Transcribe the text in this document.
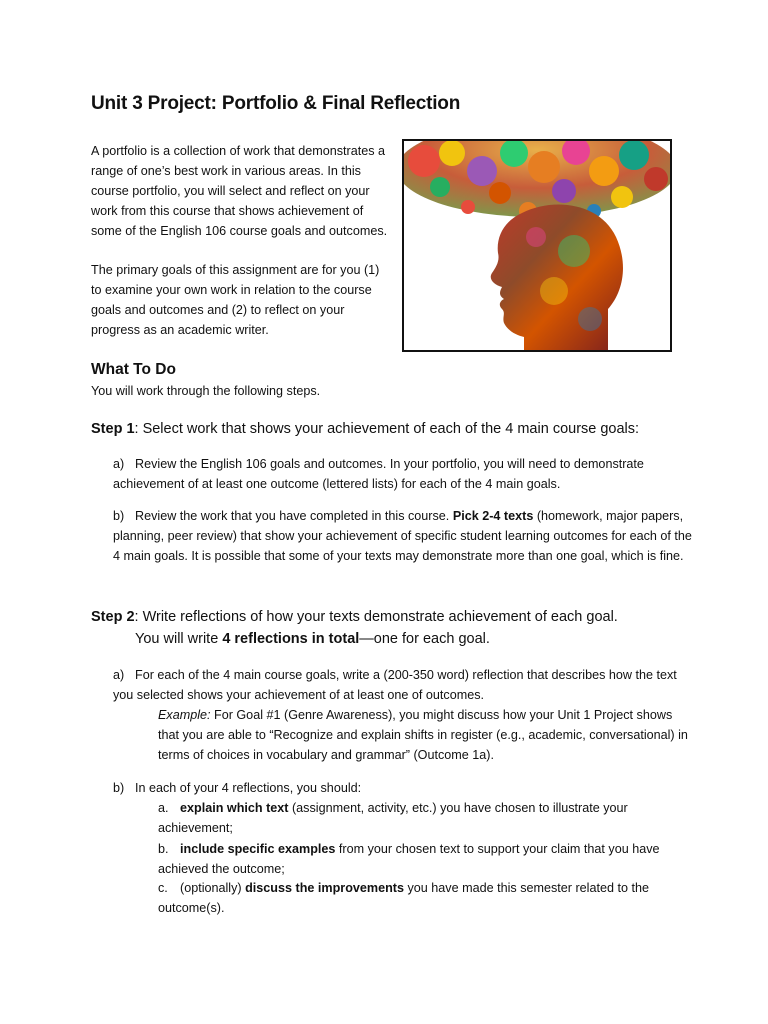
Unit 3 Project: Portfolio & Final Reflection

A portfolio is a collection of work that demonstrates a range of one’s best work in various areas. In this course portfolio, you will select and reflect on your work from this course that shows achievement of some of the English 106 course goals and outcomes.

The primary goals of this assignment are for you (1) to examine your own work in relation to the course goals and outcomes and (2) to reflect on your progress as an academic writer.

What To Do

You will work through the following steps.

Step 1: Select work that shows your achievement of each of the 4 main course goals:

a) Review the English 106 goals and outcomes. In your portfolio, you will need to demonstrate achievement of at least one outcome (lettered lists) for each of the 4 main goals.

b) Review the work that you have completed in this course. Pick 2-4 texts (homework, major papers, planning, peer review) that show your achievement of specific student learning outcomes for each of the 4 main goals. It is possible that some of your texts may demonstrate more than one goal, which is fine.

Step 2: Write reflections of how your texts demonstrate achievement of each goal.
You will write 4 reflections in total—one for each goal.

a) For each of the 4 main course goals, write a (200-350 word) reflection that describes how the text you selected shows your achievement of at least one of outcomes.

Example: For Goal #1 (Genre Awareness), you might discuss how your Unit 1 Project shows that you are able to “Recognize and explain shifts in register (e.g., academic, conversational) in terms of choices in vocabulary and grammar” (Outcome 1a).

b) In each of your 4 reflections, you should:

a. explain which text (assignment, activity, etc.) you have chosen to illustrate your achievement;

b. include specific examples from your chosen text to support your claim that you have achieved the outcome;

c. (optionally) discuss the improvements you have made this semester related to the outcome(s).
